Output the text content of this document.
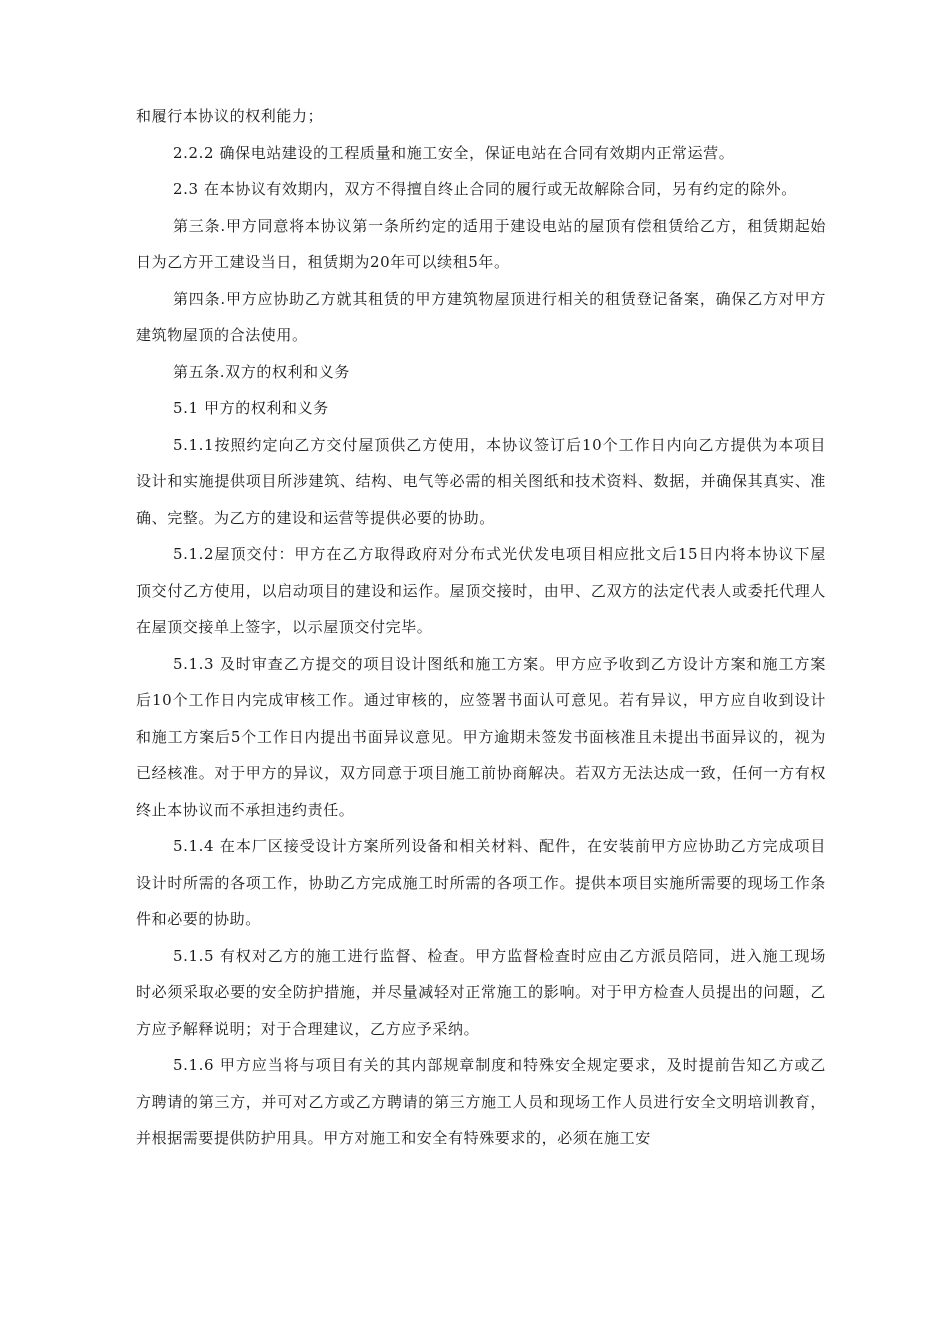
和履行本协议的权利能力；

2.2.2 确保电站建设的工程质量和施工安全，保证电站在合同有效期内正常运营。

2.3 在本协议有效期内，双方不得擅自终止合同的履行或无故解除合同，另有约定的除外。

第三条.甲方同意将本协议第一条所约定的适用于建设电站的屋顶有偿租赁给乙方，租赁期起始日为乙方开工建设当日，租赁期为20年可以续租5年。

第四条.甲方应协助乙方就其租赁的甲方建筑物屋顶进行相关的租赁登记备案，确保乙方对甲方建筑物屋顶的合法使用。

第五条.双方的权利和义务

5.1 甲方的权利和义务

5.1.1按照约定向乙方交付屋顶供乙方使用，本协议签订后10个工作日内向乙方提供为本项目设计和实施提供项目所涉建筑、结构、电气等必需的相关图纸和技术资料、数据，并确保其真实、准确、完整。为乙方的建设和运营等提供必要的协助。

5.1.2屋顶交付：甲方在乙方取得政府对分布式光伏发电项目相应批文后15日内将本协议下屋顶交付乙方使用，以启动项目的建设和运作。屋顶交接时，由甲、乙双方的法定代表人或委托代理人在屋顶交接单上签字，以示屋顶交付完毕。

5.1.3 及时审查乙方提交的项目设计图纸和施工方案。甲方应予收到乙方设计方案和施工方案后10个工作日内完成审核工作。通过审核的，应签署书面认可意见。若有异议，甲方应自收到设计和施工方案后5个工作日内提出书面异议意见。甲方逾期未签发书面核准且未提出书面异议的，视为已经核准。对于甲方的异议，双方同意于项目施工前协商解决。若双方无法达成一致，任何一方有权终止本协议而不承担违约责任。

5.1.4 在本厂区接受设计方案所列设备和相关材料、配件，在安装前甲方应协助乙方完成项目设计时所需的各项工作，协助乙方完成施工时所需的各项工作。提供本项目实施所需要的现场工作条件和必要的协助。

5.1.5 有权对乙方的施工进行监督、检查。甲方监督检查时应由乙方派员陪同，进入施工现场时必须采取必要的安全防护措施，并尽量减轻对正常施工的影响。对于甲方检查人员提出的问题，乙方应予解释说明；对于合理建议，乙方应予采纳。

5.1.6 甲方应当将与项目有关的其内部规章制度和特殊安全规定要求，及时提前告知乙方或乙方聘请的第三方，并可对乙方或乙方聘请的第三方施工人员和现场工作人员进行安全文明培训教育，并根据需要提供防护用具。甲方对施工和安全有特殊要求的，必须在施工安
